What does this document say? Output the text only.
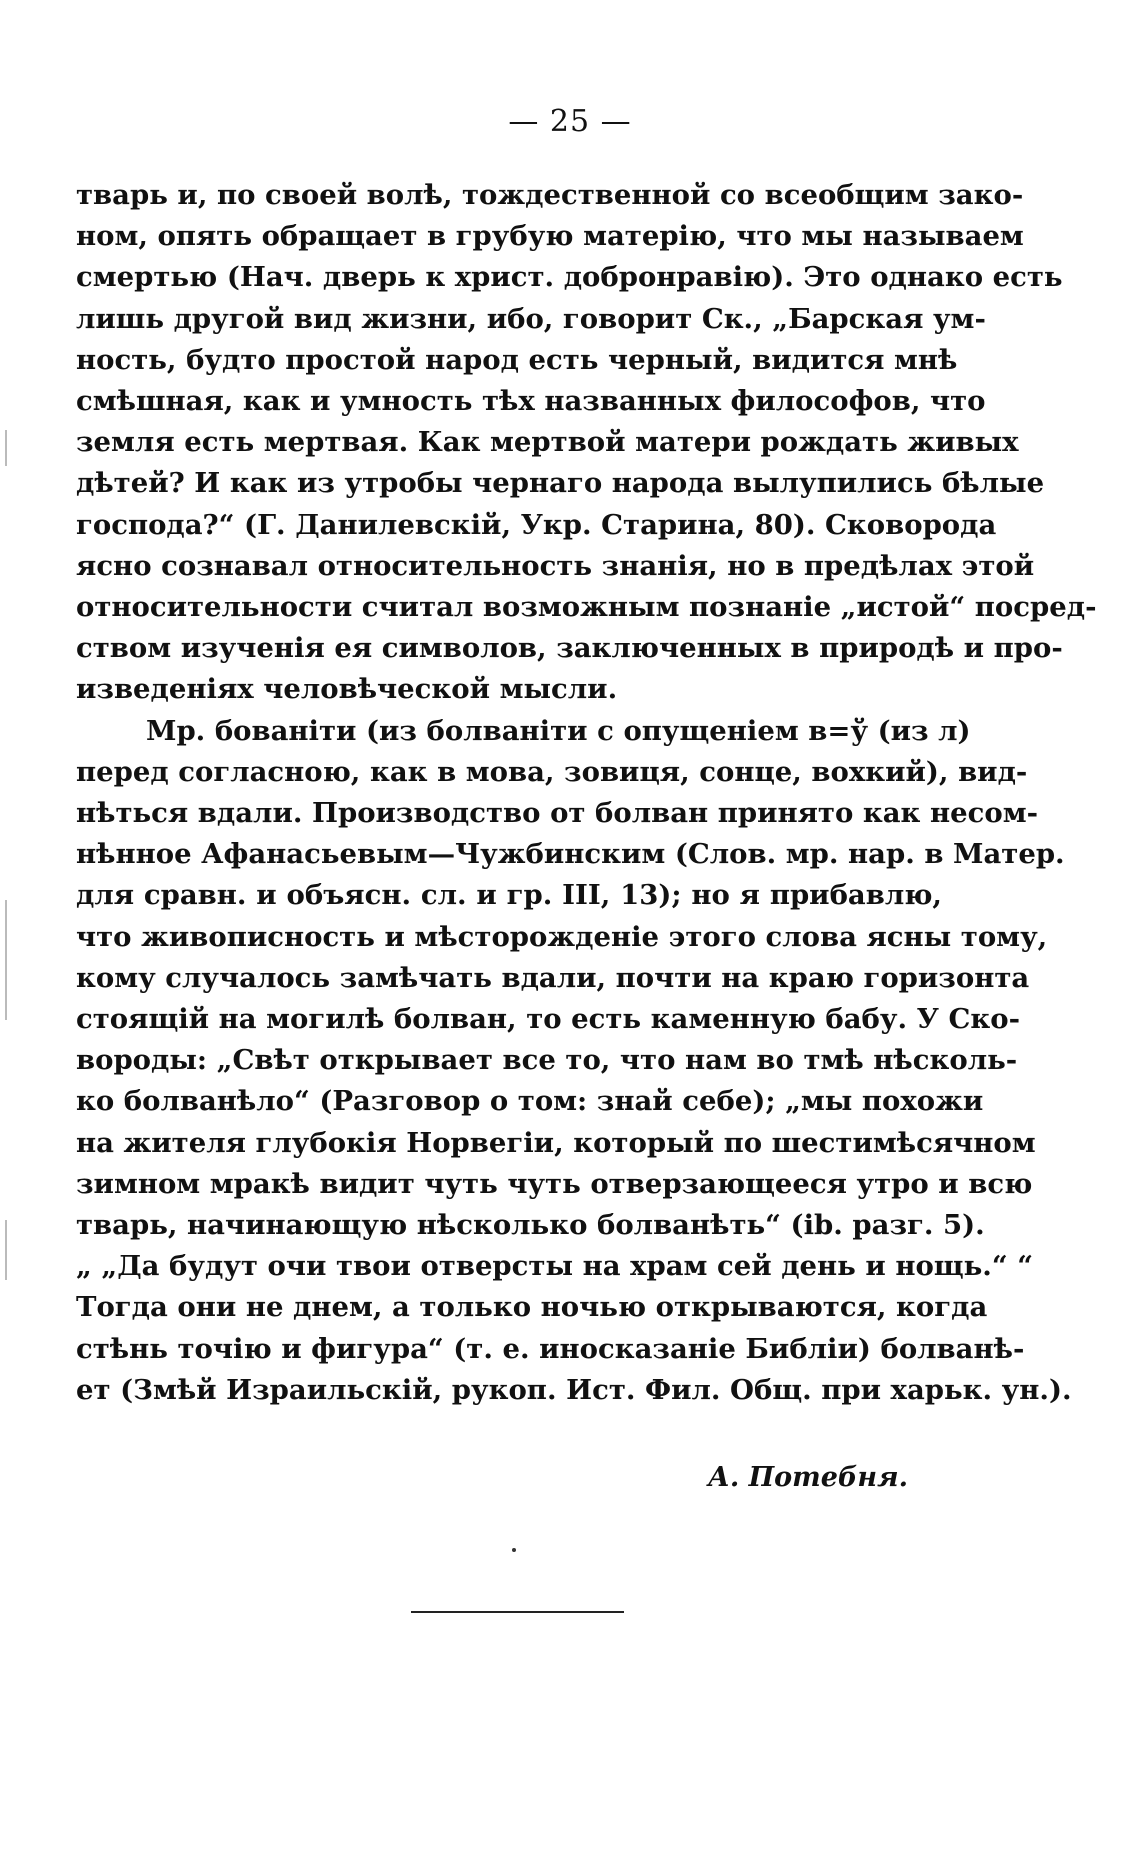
— 25 —
тварь и, по своей волѣ, тождественной со всеобщим зако-
ном, опять обращает в грубую матерію, что мы называем
смертью (Нач. дверь к христ. добронравію). Это однако есть
лишь другой вид жизни, ибо, говорит Ск., „Барская ум-
ность, будто простой народ есть черный, видится мнѣ
смѣшная, как и умность тѣх названных философов, что
земля есть мертвая. Как мертвой матери рождать живых
дѣтей? И как из утробы чернаго народа вылупились бѣлые
господа?“ (Г. Данилевскій, Укр. Старина, 80). Сковорода
ясно сознавал относительность знанія, но в предѣлах этой
относительности считал возможным познаніе „истой“ посред-
ством изученія ея символов, заключенных в природѣ и про-
изведеніях человѣческой мысли.
Мр. бованіти (из болваніти с опущеніем в=ў (из л)
перед согласною, как в мова, зовиця, сонце, вохкий), вид-
нѣться вдали. Производство от болван принято как несом-
нѣнное Афанасьевым—Чужбинским (Слов. мр. нар. в Матер.
для сравн. и объясн. сл. и гр. III, 13); но я прибавлю,
что живописность и мѣсторожденіе этого слова ясны тому,
кому случалось замѣчать вдали, почти на краю горизонта
стоящій на могилѣ болван, то есть каменную бабу. У Ско-
вороды: „Свѣт открывает все то, что нам во тмѣ нѣсколь-
ко болванѣло“ (Разговор о том: знай себе); „мы похожи
на жителя глубокія Норвегіи, который по шестимѣсячном
зимном мракѣ видит чуть чуть отверзающееся утро и всю
тварь, начинающую нѣсколько болванѣть“ (ib. разг. 5).
„ „Да будут очи твои отверсты на храм сей день и нощь.“ “
Тогда они не днем, а только ночью открываются, когда
стѣнь точію и фигура“ (т. е. иносказаніе Библіи) болванѣ-
ет (Змѣй Израильскій, рукоп. Ист. Фил. Общ. при харьк. ун.).
А. Потебня.
